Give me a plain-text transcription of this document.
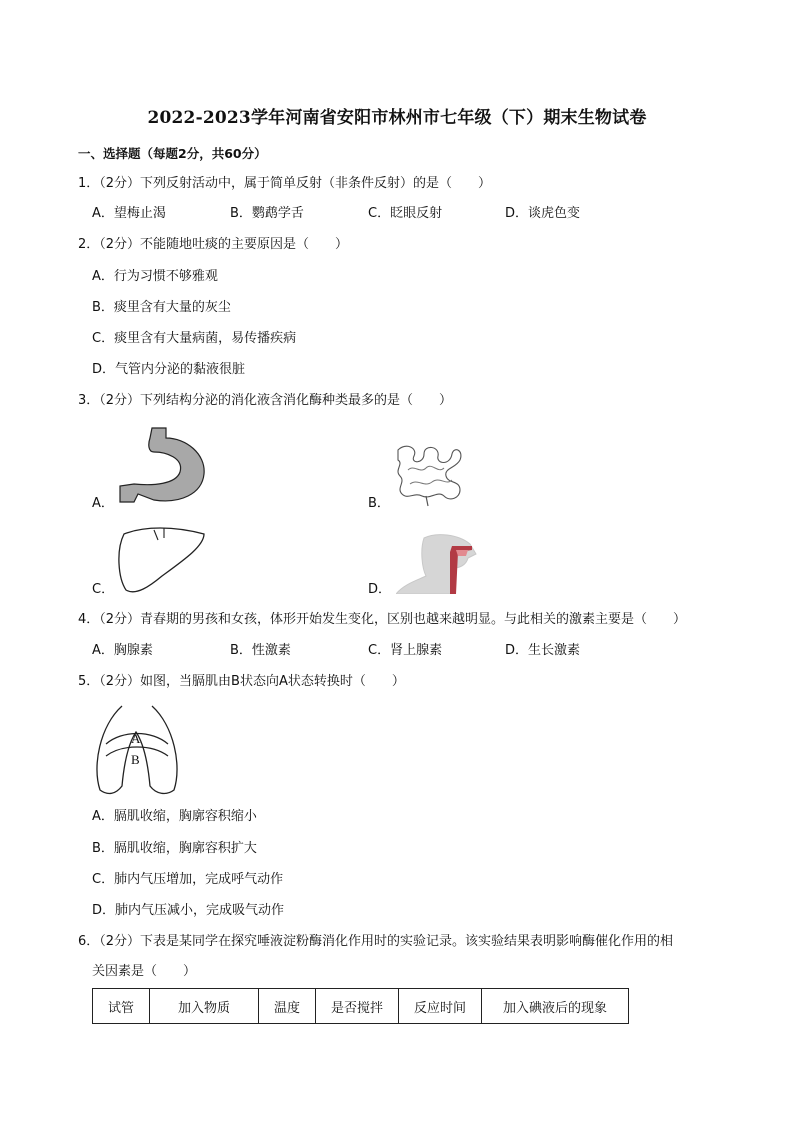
2022-2023学年河南省安阳市林州市七年级（下）期末生物试卷
一、选择题（每题2分，共60分）
1．（2分）下列反射活动中，属于简单反射（非条件反射）的是（　　）
A．望梅止渴	B．鹦鹉学舌	C．眨眼反射	D．谈虎色变
2．（2分）不能随地吐痰的主要原因是（　　）
A．行为习惯不够雅观
B．痰里含有大量的灰尘
C．痰里含有大量病菌，易传播疾病
D．气管内分泌的黏液很脏
3．（2分）下列结构分泌的消化液含消化酶种类最多的是（　　）
A．	B．
C．	D．
4．（2分）青春期的男孩和女孩，体形开始发生变化，区别也越来越明显。与此相关的激素主要是（　　）
A．胸腺素	B．性激素	C．肾上腺素	D．生长激素
5．（2分）如图，当膈肌由B状态向A状态转换时（　　）
A
B
A．膈肌收缩，胸廓容积缩小
B．膈肌收缩，胸廓容积扩大
C．肺内气压增加，完成呼气动作
D．肺内气压减小，完成吸气动作
6．（2分）下表是某同学在探究唾液淀粉酶消化作用时的实验记录。该实验结果表明影响酶催化作用的相
关因素是（　　）
试管	加入物质	温度	是否搅拌	反应时间	加入碘液后的现象
